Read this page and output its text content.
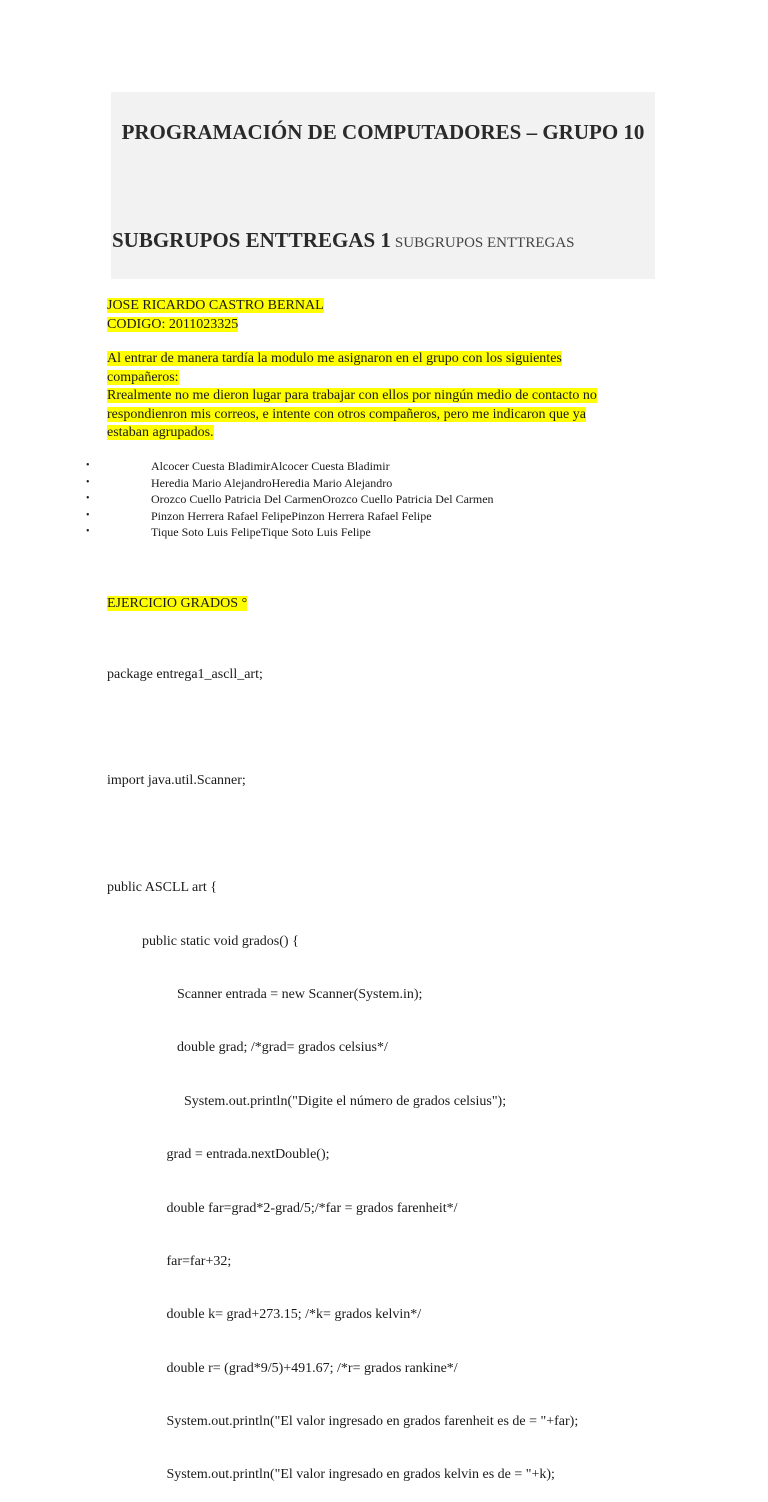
PROGRAMACIÓN DE COMPUTADORES – GRUPO 10
SUBGRUPOS ENTTREGAS 1 SUBGRUPOS ENTTREGAS
JOSE RICARDO CASTRO BERNAL
CODIGO: 2011023325
Al entrar de manera tardía la modulo me asignaron en el grupo con los siguientes
compañeros:
Rrealmente no me dieron lugar para trabajar con ellos por ningún medio de contacto no
respondienron mis correos, e intente con otros compañeros, pero me indicaron que ya
estaban agrupados.
•	Alcocer Cuesta BladimirAlcocer Cuesta Bladimir
•	Heredia Mario AlejandroHeredia Mario Alejandro
•	Orozco Cuello Patricia Del CarmenOrozco Cuello Patricia Del Carmen
•	Pinzon Herrera Rafael FelipePinzon Herrera Rafael Felipe
•	Tique Soto Luis FelipeTique Soto Luis Felipe
EJERCICIO GRADOS °

package entrega1_ascll_art;

import java.util.Scanner;

public ASCLL art {

public static void grados() {

Scanner entrada = new Scanner(System.in);

double grad; /*grad= grados celsius*/

System.out.println("Digite el número de grados celsius");

grad = entrada.nextDouble();

double far=grad*2-grad/5;/*far = grados farenheit*/

far=far+32;

double k= grad+273.15; /*k= grados kelvin*/

double r= (grad*9/5)+491.67; /*r= grados rankine*/

System.out.println("El valor ingresado en grados farenheit es de = "+far);

System.out.println("El valor ingresado en grados kelvin es de = "+k);
